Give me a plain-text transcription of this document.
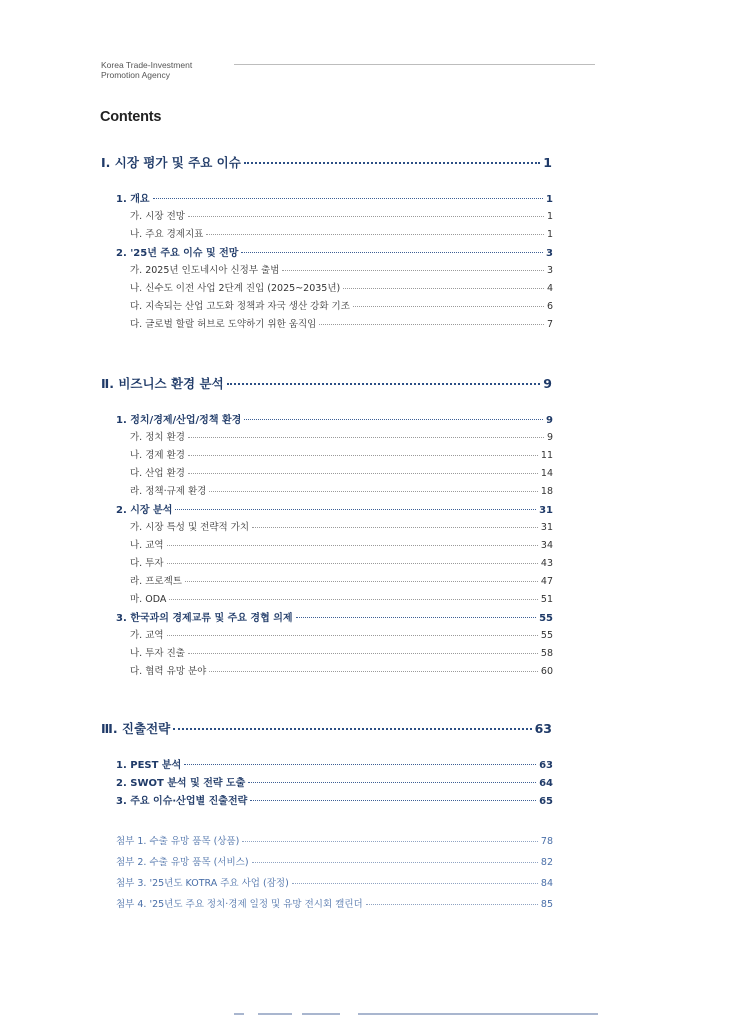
Korea Trade-Investment
Promotion Agency
Contents
Ⅰ. 시장 평가 및 주요 이슈	1
1. 개요	1
가. 시장 전망	1
나. 주요 경제지표	1
2. '25년 주요 이슈 및 전망	3
가. 2025년 인도네시아 신정부 출범	3
나. 신수도 이전 사업 2단계 진입 (2025~2035년)	4
다. 지속되는 산업 고도화 정책과 자국 생산 강화 기조	6
다. 글로벌 할랄 허브로 도약하기 위한 움직임	7
Ⅱ. 비즈니스 환경 분석	9
1. 정치/경제/산업/정책 환경	9
가. 정치 환경	9
나. 경제 환경	11
다. 산업 환경	14
라. 정책·규제 환경	18
2. 시장 분석	31
가. 시장 특성 및 전략적 가치	31
나. 교역	34
다. 투자	43
라. 프로젝트	47
마. ODA	51
3. 한국과의 경제교류 및 주요 경협 의제	55
가. 교역	55
나. 투자 진출	58
다. 협력 유망 분야	60
Ⅲ. 진출전략	63
1. PEST 분석	63
2. SWOT 분석 및 전략 도출	64
3. 주요 이슈·산업별 진출전략	65
첨부 1. 수출 유망 품목 (상품)	78
첨부 2. 수출 유망 품목 (서비스)	82
첨부 3. '25년도 KOTRA 주요 사업 (잠정)	84
첨부 4. '25년도 주요 정치·경제 일정 및 유망 전시회 캘린더	85
